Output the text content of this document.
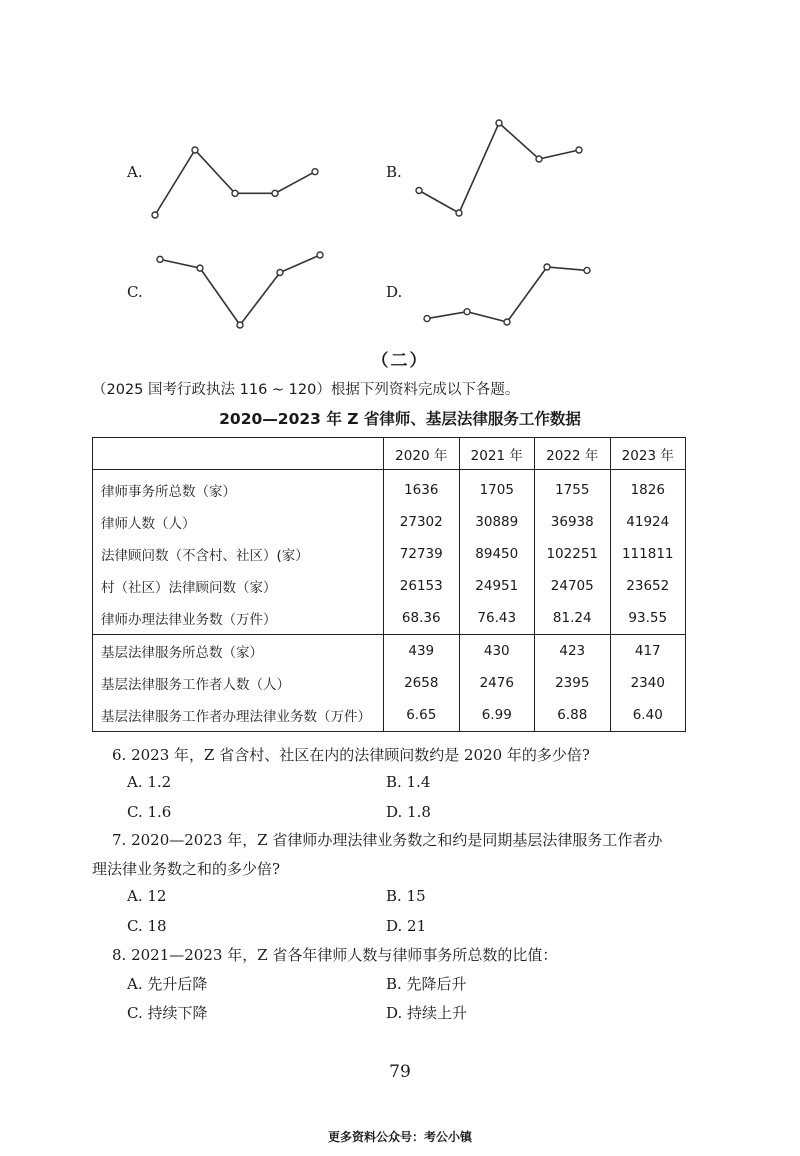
A.	B.
C.	D.
（二）
（2025 国考行政执法 116 ~ 120）根据下列资料完成以下各题。
2020—2023 年 Z 省律师、基层法律服务工作数据
	2020 年	2021 年	2022 年	2023 年
律师事务所总数（家）	1636	1705	1755	1826
律师人数（人）	27302	30889	36938	41924
法律顾问数（不含村、社区）(家）	72739	89450	102251	111811
村（社区）法律顾问数（家）	26153	24951	24705	23652
律师办理法律业务数（万件）	68.36	76.43	81.24	93.55
基层法律服务所总数（家）	439	430	423	417
基层法律服务工作者人数（人）	2658	2476	2395	2340
基层法律服务工作者办理法律业务数（万件）	6.65	6.99	6.88	6.40
6. 2023 年，Z 省含村、社区在内的法律顾问数约是 2020 年的多少倍?
A. 1.2	B. 1.4
C. 1.6	D. 1.8
7. 2020—2023 年，Z 省律师办理法律业务数之和约是同期基层法律服务工作者办
理法律业务数之和的多少倍?
A. 12	B. 15
C. 18	D. 21
8. 2021—2023 年，Z 省各年律师人数与律师事务所总数的比值：
A. 先升后降	B. 先降后升
C. 持续下降	D. 持续上升
79
更多资料公众号：考公小镇
